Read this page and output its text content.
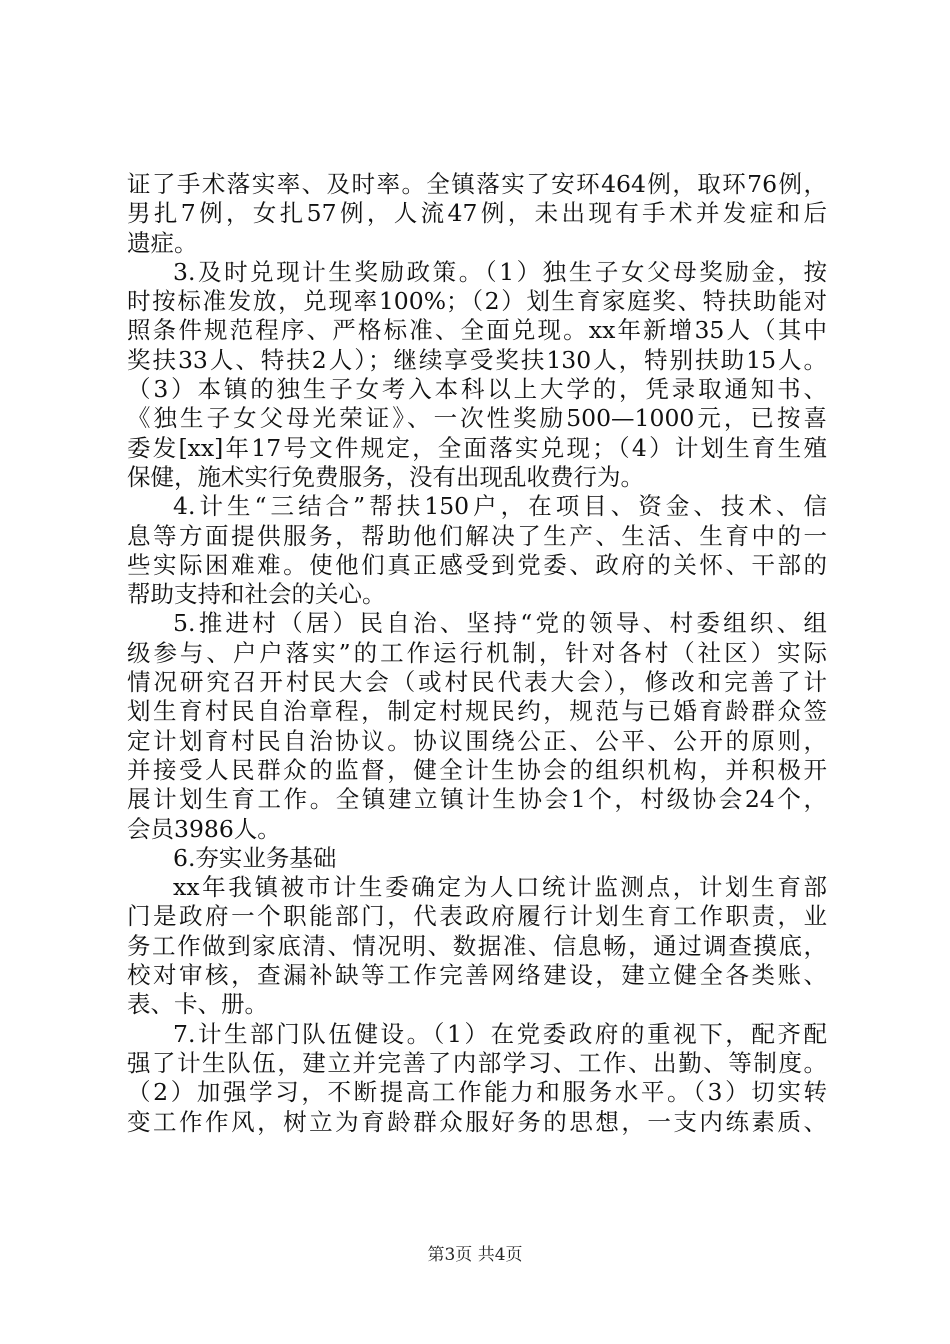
证了手术落实率、及时率。全镇落实了安环464例，取环76例，
男扎7例，女扎57例，人流47例，未出现有手术并发症和后
遗症。
3.及时兑现计生奖励政策。（1）独生子女父母奖励金，按
时按标准发放，兑现率100%；（2）划生育家庭奖、特扶助能对
照条件规范程序、严格标准、全面兑现。xx年新增35人（其中
奖扶33人、特扶2人）；继续享受奖扶130人，特别扶助15人。
（3）本镇的独生子女考入本科以上大学的，凭录取通知书、
《独生子女父母光荣证》、一次性奖励500—1000元，已按喜
委发[xx]年17号文件规定，全面落实兑现；（4）计划生育生殖
保健，施术实行免费服务，没有出现乱收费行为。
4.计生“三结合”帮扶150户，在项目、资金、技术、信
息等方面提供服务，帮助他们解决了生产、生活、生育中的一
些实际困难难。使他们真正感受到党委、政府的关怀、干部的
帮助支持和社会的关心。
5.推进村（居）民自治、坚持“党的领导、村委组织、组
级参与、户户落实”的工作运行机制，针对各村（社区）实际
情况研究召开村民大会（或村民代表大会），修改和完善了计
划生育村民自治章程，制定村规民约，规范与已婚育龄群众签
定计划育村民自治协议。协议围绕公正、公平、公开的原则，
并接受人民群众的监督，健全计生协会的组织机构，并积极开
展计划生育工作。全镇建立镇计生协会1个，村级协会24个，
会员3986人。
6.夯实业务基础
xx年我镇被市计生委确定为人口统计监测点，计划生育部
门是政府一个职能部门，代表政府履行计划生育工作职责，业
务工作做到家底清、情况明、数据准、信息畅，通过调查摸底，
校对审核，查漏补缺等工作完善网络建设，建立健全各类账、
表、卡、册。
7.计生部门队伍健设。（1）在党委政府的重视下，配齐配
强了计生队伍，建立并完善了内部学习、工作、出勤、等制度。
（2）加强学习，不断提高工作能力和服务水平。（3）切实转
变工作作风，树立为育龄群众服好务的思想，一支内练素质、
第3页 共4页
